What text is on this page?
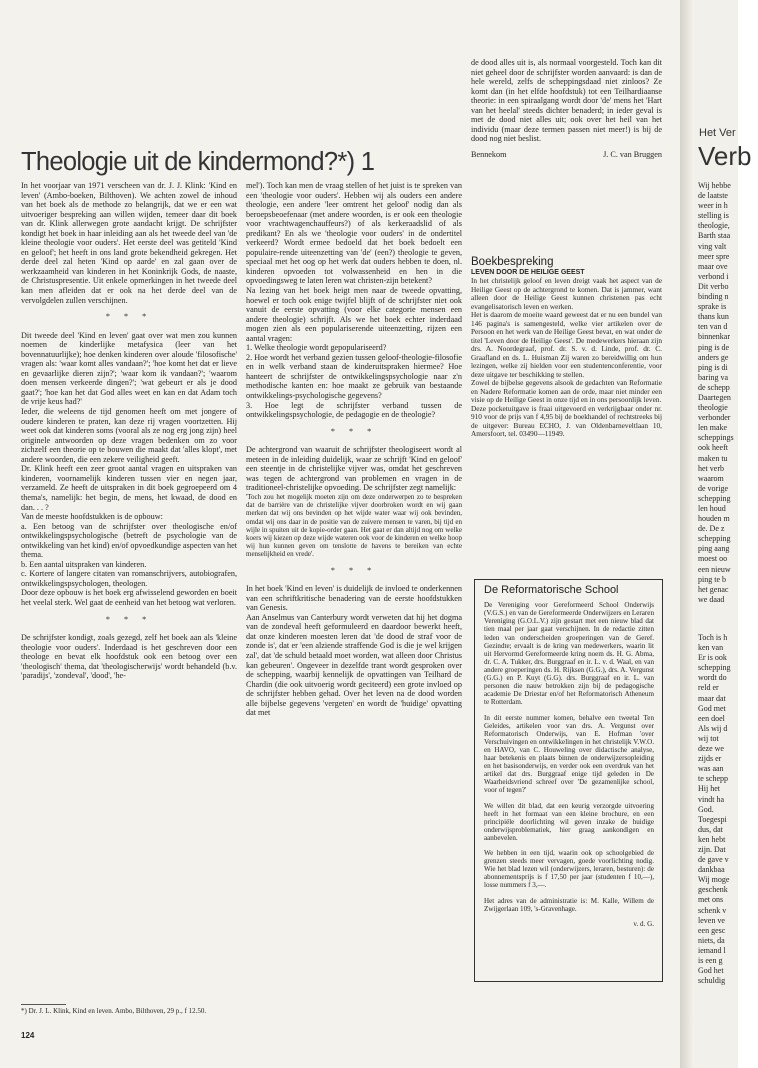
Theologie uit de kindermond?*) 1

In het voorjaar van 1971 verscheen van dr. J. J. Klink: 'Kind en leven' (Ambo-boeken, Bilthoven). We achten zowel de inhoud van het boek als de methode zo belangrijk, dat we er een wat uitvoeriger bespreking aan willen wijden, temeer daar dit boek van dr. Klink allerwegen grote aandacht krijgt. De schrijfster kondigt het boek in haar inleiding aan als het tweede deel van 'de kleine theologie voor ouders'. Het eerste deel was getiteld 'Kind en geloof'; het heeft in ons land grote bekendheid gekregen. Het derde deel zal heten 'Kind op aarde' en zal gaan over de werkzaamheid van kinderen in het Koninkrijk Gods, de naaste, de Christuspresentie. Uit enkele opmerkingen in het tweede deel kan men afleiden dat er ook na het derde deel van de vervolgdelen zullen verschijnen.

* * *

Dit tweede deel 'Kind en leven' gaat over wat men zou kunnen noemen de kinderlijke metafysica (leer van het bovennatuurlijke); hoe denken kinderen over aloude 'filosofische' vragen als: 'waar komt alles vandaan?'; 'hoe komt het dat er lieve en gevaarlijke dieren zijn?'; 'waar kom ik vandaan?'; 'waarom doen mensen verkeerde dingen?'; 'wat gebeurt er als je dood gaat?'; 'hoe kan het dat God alles weet en kan en dat Adam toch de vrije keus had?'

Ieder, die weleens de tijd genomen heeft om met jongere of oudere kinderen te praten, kan deze rij vragen voortzetten. Hij weet ook dat kinderen soms (vooral als ze nog erg jong zijn) heel originele antwoorden op deze vragen bedenken om zo voor zichzelf een theorie op te bouwen die maakt dat 'alles klopt', met andere woorden, die een zekere veiligheid geeft.

Dr. Klink heeft een zeer groot aantal vragen en uitspraken van kinderen, voornamelijk kinderen tussen vier en negen jaar, verzameld. Ze heeft de uitspraken in dit boek gegroepeerd om 4 thema's, namelijk: het begin, de mens, het kwaad, de dood en dan. . . ?

Van de meeste hoofdstukken is de opbouw:

a. Een betoog van de schrijfster over theologische en/of ontwikkelingspsychologische (betreft de psychologie van de ontwikkeling van het kind) en/of opvoedkundige aspecten van het thema.

b. Een aantal uitspraken van kinderen.

c. Kortere of langere citaten van romanschrijvers, autobiografen, ontwikkelingspsychologen, theologen.

Door deze opbouw is het boek erg afwisselend geworden en boeit het veelal sterk. Wel gaat de eenheid van het betoog wat verloren.

* * *

De schrijfster kondigt, zoals gezegd, zelf het boek aan als 'kleine theologie voor ouders'. Inderdaad is het geschreven door een theologe en bevat elk hoofdstuk ook een betoog over een 'theologisch' thema, dat 'theologischerwijs' wordt behandeld (b.v. 'paradijs', 'zondeval', 'dood', 'he-

mel'). Toch kan men de vraag stellen of het juist is te spreken van een 'theologie voor ouders'. Hebben wij als ouders een andere theologie, een andere 'leer omtrent het geloof' nodig dan als beroepsbeoefenaar (met andere woorden, is er ook een theologie voor vrachtwagenchauffeurs?) of als kerkeraadslid of als predikant? En als we 'theologie voor ouders' in de ondertitel verkeerd? Wordt ermee bedoeld dat het boek bedoelt een populaire-rende uiteenzetting van 'de' (een?) theologie te geven, speciaal met het oog op het werk dat ouders hebben te doen, nl. kinderen opvoeden tot volwassenheid en hen in die opvoedingsweg te laten leren wat christen-zijn betekent?

Na lezing van het boek heigt men naar de tweede opvatting, hoewel er toch ook enige twijfel blijft of de schrijfster niet ook vanuit de eerste opvatting (voor elke categorie mensen een andere theologie) schrijft. Als we het boek echter inderdaad mogen zien als een populariserende uiteenzetting, rijzen een aantal vragen:

1. Welke theologie wordt gepopulariseerd?

2. Hoe wordt het verband gezien tussen geloof-theologie-filosofie en in welk verband staan de kinderuitspraken hiermee? Hoe hanteert de schrijfster de ontwikkelingspsychologie naar z'n methodische kanten en: hoe maakt ze gebruik van bestaande ontwikkelings-psychologische gegevens?

3. Hoe legt de schrijfster verband tussen de ontwikkelingspsychologie, de pedagogie en de theologie?

* * *

De achtergrond van waaruit de schrijfster theologiseert wordt al meteen in de inleiding duidelijk, waar ze schrijft 'Kind en geloof' een steentje in de christelijke vijver was, omdat het geschreven was tegen de achtergrond van problemen en vragen in de traditioneel-christelijke opvoeding. De schrijfster zegt namelijk:

'Toch zou het mogelijk moeten zijn om deze onderwerpen zo te bespreken dat de barrière van de christelijke vijver doorbroken wordt en wij gaan merken dat wij ons bevinden op het wijde water waar wij ook bevinden, omdat wij ons daar in de positie van de zuivere mensen te varen, bij tijd en wijle in spuiten uit de kopie-order gaan. Het gaat er dan altijd nog om welke koers wij kiezen op deze wijde wateren ook voor de kinderen en welke hoop wij hun kunnen geven om tenslotte de havens te bereiken van echte menselijkheid en vrede'.

* * *

In het boek 'Kind en leven' is duidelijk de invloed te onderkennen van een schriftkritische benadering van de eerste hoofdstukken van Genesis.

Aan Anselmus van Canterbury wordt verweten dat hij het dogma van de zondeval heeft geformuleerd en daardoor bewerkt heeft, dat onze kinderen moesten leren dat 'de dood de straf voor de zonde is', dat er 'een alziende straffende God is die je wel krijgen zal', dat 'de schuld betaald moet worden, wat alleen door Christus kan gebeuren'. Ongeveer in dezelfde trant wordt gesproken over de schepping, waarbij kennelijk de opvattingen van Teilhard de Chardin (die ook uitvoerig wordt geciteerd) een grote invloed op de schrijfster hebben gehad. Over het leven na de dood worden alle bijbelse gegevens 'vergeten' en wordt de 'huidige' opvatting dat met

de dood alles uit is, als normaal voorgesteld. Toch kan dit niet geheel door de schrijfster worden aanvaard: is dan de hele wereld, zelfs de scheppingsdaad niet zinloos? Ze komt dan (in het elfde hoofdstuk) tot een Teilhardiaanse theorie: in een spiraalgang wordt door 'de' mens het 'Hart van het heelal' steeds dichter benaderd; in ieder geval is met de dood niet alles uit; ook over het heil van het individu (maar deze termen passen niet meer!) is bij de dood nog niet beslist.

Bennekom	J. C. van Bruggen
Boekbespreking
LEVEN DOOR DE HEILIGE GEEST

In het christelijk geloof en leven dreigt vaak het aspect van de Heilige Geest op de achtergrond te komen. Dat is jammer, want alleen door de Heilige Geest kunnen christenen pas echt evangelisatorisch leven en werken.

Het is daarom de moeite waard geweest dat er nu een bundel van 146 pagina's is samengesteld, welke vier artikelen over de Persoon en het werk van de Heilige Geest bevat, en wat onder de titel 'Leven door de Heilige Geest'. De medewerkers hieraan zijn drs. A. Noordegraaf, prof. dr. S. v. d. Linde, prof. dr. C. Graafland en ds. L. Huisman Zij waren zo bereidwillig om hun lezingen, welke zij hielden voor een studentenconferentie, voor deze uitgave ter beschikking te stellen.

Zowel de bijbelse gegevens alsook de gedachten van Reformatie en Nadere Reformatie komen aan de orde, maar niet minder een visie op de Heilige Geest in onze tijd en in ons persoonlijk leven.

Deze pocketuitgave is fraai uitgevoerd en verkrijgbaar onder nr. 910 voor de prijs van f 4,95 bij de boekhandel of rechtstreeks bij de uitgever: Bureau ECHO, J. van Oldenbarneveltlaan 10, Amersfoort, tel. 03490—11949.

De Reformatorische School

De Vereniging voor Gereformeerd School Onderwijs (V.G.S.) en van de Gereformeerde Onderwijzers en Leraren Vereniging (G.O.L.V.) zijn gestart met een nieuw blad dat tien maal per jaar gaat verschijnen. In de redactie zitten leden van onderscheiden groeperingen van de Geref. Gezindte; ervaalt is de kring van medewerkers, waarin lit uit Hervormd Gereformeerde kring noem ds. H. G. Abma, dr. C. A. Tukker, drs. Burggraaf en ir. L. v. d. Waal, en van andere groeperingen ds. H. Rijksen (G.G.), drs. A. Vergunst (G.G.) en P. Kuyt (G.G). drs. Burggraaf en ir. L. van personen die nauw betrokken zijn bij de pedagogische academie De Driestar en/of het Reformatorisch Atheneum te Rotterdam.

In dit eerste nummer komen, behalve een tweetal Ten Geleides, artikelen voor van drs. A. Vergunst over Reformatorisch Onderwijs, van E. Hofman 'over Verschuivingen en ontwikkelingen in het christelijk V.W.O. en HAVO, van C. Houweling over didactische analyse, haar betekenis en plaats binnen de onderwijzersopleiding en het basisonderwijs, en verder ook een overdruk van het artikel dat drs. Burggraaf enige tijd geleden in De Waarheidsvriend schreef over 'De gezamenlijke school, voor of tegen?'

We willen dit blad, dat een keurig verzorgde uitvoering heeft in het formaat van een kleine brochure, en een principiële doorlichting wil geven inzake de huidige onderwijsproblematiek, hier graag aankondigen en aanbevelen.

We hebben in een tijd, waarin ook op schoolgebied de grenzen steeds meer vervagen, goede voorlichting nodig. Wie het blad lezen wil (onderwijzers, leraren, besturen): de abonnementsprijs is f 17,50 per jaar (studenten f 10,—), losse nummers f 3,—.

Het adres van de administratie is: M. Kalle, Willem de Zwijgerlaan 109, 's-Gravenhage.

v. d. G.
*) Dr. J. L. Klink, Kind en leven. Ambo, Bilthoven, 29 p., f 12.50.
124
Het Ver
Verb
Wij hebbe
de laatste
weer in h
stelling is
theologie,
Barth staa
ving valt
meer spre
maar ove
verbond i
Dit verbo
binding n
sprake is
thans kun
ten van d
binnenkar
ping is de
anders ge
ping is di
baring va
de schepp
Daartegen
theologie
verbonder
len make
scheppings
ook heeft
maken tu
het verb
waarom
de vorige
schepping
len houd
houden m
de. De z
schepping
ping aang
moest oo
een nieuw
ping te b
het genac
we daad
Toch is h
ken van
Er is ook
schepping
wordt do
reld er
maar dat
God met
een doel
Als wij d
wij tot
deze we
zijds er
was aan
te schepp
Hij het
vindt ha
God.
Toegespi
dus, dat
ken hebt
zijn. Dat
de gave v
dankbaa
Wij moge
geschenk
met ons
schenk v
leven ve
een gesc
niets, da
iemand l
is een g
God het
schuldig
